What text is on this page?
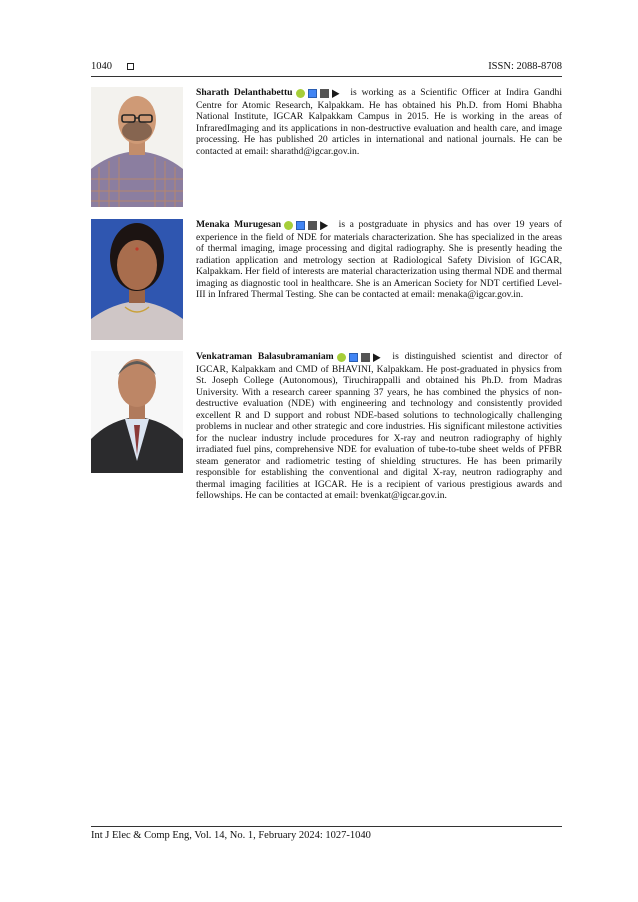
1040	ISSN: 2088-8708
Sharath Delanthabettu	is working as a Scientific Officer at Indira Gandhi Centre for Atomic Research, Kalpakkam. He has obtained his Ph.D. from Homi Bhabha National Institute, IGCAR Kalpakkam Campus in 2015. He is working in the areas of InfraredImaging and its applications in non-destructive evaluation and health care, and image processing. He has published 20 articles in international and national journals. He can be contacted at email: sharathd@igcar.gov.in.
Menaka Murugesan	is a postgraduate in physics and has over 19 years of experience in the field of NDE for materials characterization. She has specialized in the areas of thermal imaging, image processing and digital radiography. She is presently heading the radiation application and metrology section at Radiological Safety Division of IGCAR, Kalpakkam. Her field of interests are material characterization using thermal NDE and thermal imaging as diagnostic tool in healthcare. She is an American Society for NDT certified Level-III in Infrared Thermal Testing. She can be contacted at email: menaka@igcar.gov.in.
Venkatraman Balasubramaniam	is distinguished scientist and director of IGCAR, Kalpakkam and CMD of BHAVINI, Kalpakkam. He post-graduated in physics from St. Joseph College (Autonomous), Tiruchirappalli and obtained his Ph.D. from Madras University. With a research career spanning 37 years, he has combined the physics of non-destructive evaluation (NDE) with engineering and technology and consistently provided excellent R and D support and robust NDE-based solutions to technologically challenging problems in nuclear and other strategic and core industries. His significant milestone activities for the nuclear industry include procedures for X-ray and neutron radiography of highly irradiated fuel pins, comprehensive NDE for evaluation of tube-to-tube sheet welds of PFBR steam generator and radiometric testing of shielding structures. He has been primarily responsible for establishing the conventional and digital X-ray, neutron radiography and thermal imaging facilities at IGCAR. He is a recipient of various prestigious awards and fellowships. He can be contacted at email: bvenkat@igcar.gov.in.
Int J Elec & Comp Eng, Vol. 14, No. 1, February 2024: 1027-1040
